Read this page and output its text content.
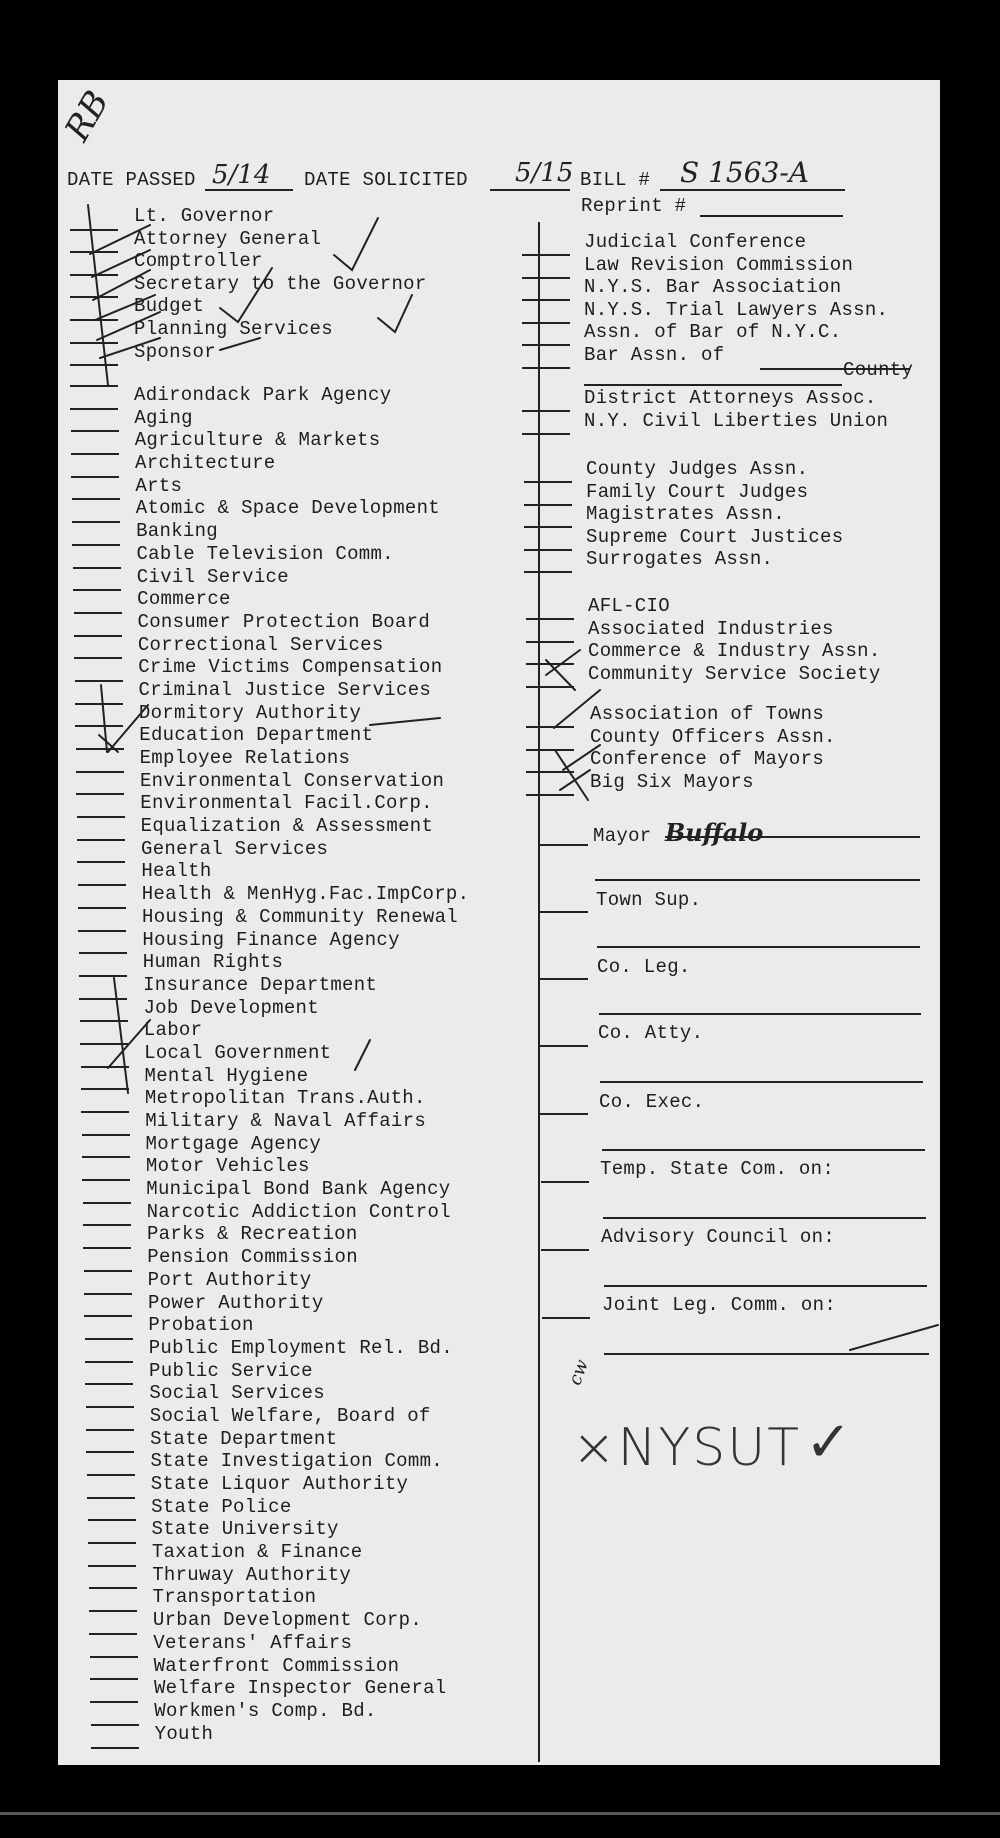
RB
DATE PASSED 5/14 DATE SOLICITED 5/15 BILL # S 1563-A
Reprint #
Lt. Governor
Attorney General
Comptroller
Secretary to the Governor
Budget
Planning Services
Sponsor
Adirondack Park Agency
Aging
Agriculture & Markets
Architecture
Arts
Atomic & Space Development
Banking
Cable Television Comm.
Civil Service
Commerce
Consumer Protection Board
Correctional Services
Crime Victims Compensation
Criminal Justice Services
Dormitory Authority
Education Department
Employee Relations
Environmental Conservation
Environmental Facil.Corp.
Equalization & Assessment
General Services
Health
Health & MenHyg.Fac.ImpCorp.
Housing & Community Renewal
Housing Finance Agency
Human Rights
Insurance Department
Job Development
Labor
Local Government
Mental Hygiene
Metropolitan Trans.Auth.
Military & Naval Affairs
Mortgage Agency
Motor Vehicles
Municipal Bond Bank Agency
Narcotic Addiction Control
Parks & Recreation
Pension Commission
Port Authority
Power Authority
Probation
Public Employment Rel. Bd.
Public Service
Social Services
Social Welfare, Board of
State Department
State Investigation Comm.
State Liquor Authority
State Police
State University
Taxation & Finance
Thruway Authority
Transportation
Urban Development Corp.
Veterans' Affairs
Waterfront Commission
Welfare Inspector General
Workmen's Comp. Bd.
Youth
Judicial Conference
Law Revision Commission
N.Y.S. Bar Association
N.Y.S. Trial Lawyers Assn.
Assn. of Bar of N.Y.C.
Bar Assn. of
County
District Attorneys Assoc.
N.Y. Civil Liberties Union
County Judges Assn.
Family Court Judges
Magistrates Assn.
Supreme Court Justices
Surrogates Assn.
AFL-CIO
Associated Industries
Commerce & Industry Assn.
Community Service Society
Association of Towns
County Officers Assn.
Conference of Mayors
Big Six Mayors
Mayor Buffalo
Town Sup.
Co. Leg.
Co. Atty.
Co. Exec.
Temp. State Com. on:
Advisory Council on:
Joint Leg. Comm. on:
cw
×NYSUT ✓
